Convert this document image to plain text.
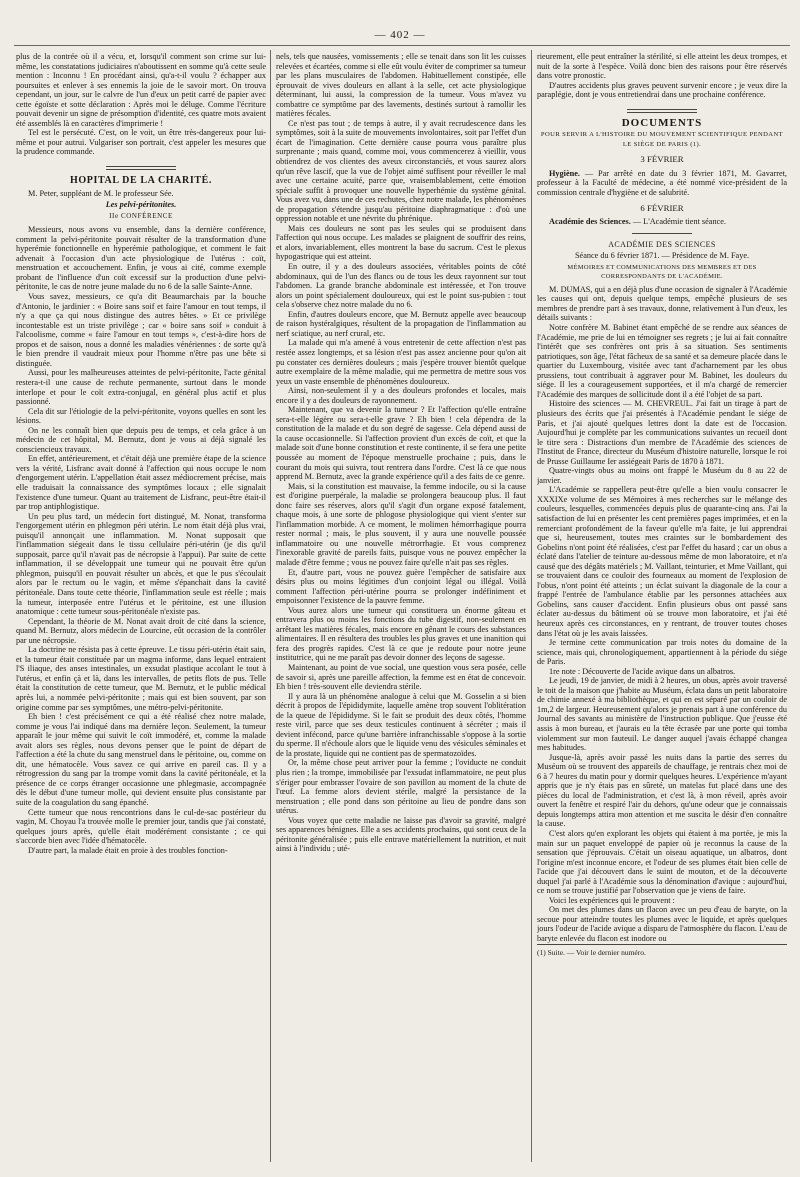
— 402 —

plus de la contrée où il a vécu, et, lorsqu'il comment son crime sur lui-même, les constatations judiciaires n'aboutissent en somme qu'à cette seule mention : Inconnu ! En procédant ainsi, qu'a-t-il voulu ? échapper aux poursuites et enlever à ses ennemis la joie de le savoir mort. On trouva cependant, un jour, sur le calvre de l'un d'eux un petit carré de papier avec cette égoïste et sotte déclaration : Après moi le déluge. Comme l'écriture pouvait devenir un signe de présomption d'identité, ces quatre mots avaient été assemblés là en caractères d'imprimerie !

Tel est le persécuté. C'est, on le voit, un être très-dangereux pour lui-même et pour autrui. Vulgariser son portrait, c'est appeler les mesures que la prudence commande.

HOPITAL DE LA CHARITÉ.

M. Peter, suppléant de M. le professeur Sée.

Les pelvi-péritonites.
IIe CONFÉRENCE

Messieurs, nous avons vu ensemble, dans la dernière conférence, comment la pelvi-péritonite pouvait résulter de la transformation d'une hyperémie fonctionnelle en hyperémie pathologique, et comment le fait advenait à l'occasion d'un acte physiologique de l'utérus : coït, menstruation et accouchement. Enfin, je vous ai cité, comme exemple probant de l'influence d'un coït excessif sur la production d'une pelvi-péritonite, le cas de notre jeune malade du no 6 de la salle Sainte-Anne.

Vous savez, messieurs, ce qu'a dit Beaumarchais par la bouche d'Antonio, le jardinier : « Boire sans soif et faire l'amour en tout temps, il n'y a que ça qui nous distingue des autres bêtes. » Et ce privilège incontestable est un triste privilège ; car « boire sans soif » conduit à l'alcoolisme, comme « faire l'amour en tout temps », c'est-à-dire hors de propos et de saison, nous a donné les maladies vénériennes : de sorte qu'à le bien prendre il vaudrait mieux pour l'homme n'être pas une bête si distinguée.

Aussi, pour les malheureuses atteintes de pelvi-péritonite, l'acte génital restera-t-il une cause de rechute permanente, surtout dans le monde interlope et pour le coït extra-conjugal, en général plus actif et plus passionné.

Cela dit sur l'étiologie de la pelvi-péritonite, voyons quelles en sont les lésions.

On ne les connaît bien que depuis peu de temps, et cela grâce à un médecin de cet hôpital, M. Bernutz, dont je vous ai déjà signalé les consciencieux travaux.

En effet, antérieurement, et c'était déjà une première étape de la science vers la vérité, Lisfranc avait donné à l'affection qui nous occupe le nom d'engorgement utérin. L'appellation était assez médiocrement précise, mais elle traduisait la connaissance des symptômes locaux ; elle signalait l'existence d'une tumeur. Quant au traitement de Lisfranc, peut-être était-il par trop antiphlogistique.

Un peu plus tard, un médecin fort distingué, M. Nonat, transforma l'engorgement utérin en phlegmon péri utérin. Le nom était déjà plus vrai, puisqu'il annonçait une inflammation. M. Nonat supposait que l'inflammation siégeait dans le tissu cellulaire péri-utérin (je dis qu'il supposait, parce qu'il n'avait pas de nécropsie à l'appui). Par suite de cette inflammation, il se développait une tumeur qui ne pouvait être qu'un phlegmon, puisqu'il en pouvait résulter un abcès, et que le pus s'écoulait alors par le rectum ou le vagin, et même s'épanchait dans la cavité péritonéale. Dans toute cette théorie, l'inflammation seule est réelle ; mais la tumeur, interposée entre l'utérus et le péritoine, est une illusion anatomique : cette tumeur sous-péritonéale n'existe pas.

Cependant, la théorie de M. Nonat avait droit de cité dans la science, quand M. Bernutz, alors médecin de Lourcine, eût occasion de la contrôler par une nécropsie.

La doctrine ne résista pas à cette épreuve. Le tissu péri-utérin était sain, et la tumeur était constituée par un magma informe, dans lequel entraient l'S iliaque, des anses intestinales, un exsudat plastique accolant le tout à l'utérus, et enfin çà et là, dans les intervalles, de petits flots de pus. Telle était la constitution de cette tumeur, que M. Bernutz, et le public médical après lui, a nommée pelvi-péritonite ; mais qui est bien souvent, par son origine comme par ses symptômes, une métro-pelvi-péritonite.

Eh bien ! c'est précisément ce qui a été réalisé chez notre malade, comme je vous l'ai indiqué dans ma dernière leçon. Seulement, la tumeur apparaît le jour même qui suivit le coït immodéré, et, comme la malade avait alors ses règles, nous devons penser que le point de départ de l'affection a été la chute du sang menstruel dans le péritoine, ou, comme on dit, une hématocèle. Vous savez ce qui arrive en pareil cas. Il y a rétrogression du sang par la trompe vomit dans la cavité péritonéale, et la présence de ce corps étranger occasionne une phlegmasie, accompagnée dès le début d'une tumeur molle, qui devient ensuite plus consistante par suite de la coagulation du sang épanché.

Cette tumeur que nous rencontrions dans le cul-de-sac postérieur du vagin, M. Choyau l'a trouvée molle le premier jour, tandis que j'ai constaté, quelques jours après, qu'elle était modérément consistante ; ce qui s'accorde bien avec l'idée d'hématocèle.

D'autre part, la malade était en proie à des troubles fonction-

nels, tels que nausées, vomissements ; elle se tenait dans son lit les cuisses relevées et écartées, comme si elle eût voulu éviter de comprimer sa tumeur par les plans musculaires de l'abdomen. Habituellement constipée, elle éprouvait de vives douleurs en allant à la selle, cet acte physiologique déterminant, lui aussi, la compression de la tumeur. Vous m'avez vu combattre ce symptôme par des lavements, destinés surtout à ramollir les matières fécales.

Ce n'est pas tout ; de temps à autre, il y avait recrudescence dans les symptômes, soit à la suite de mouvements involontaires, soit par l'effet d'un écart de l'imagination. Cette dernière cause pourra vous paraître plus surprenante ; mais quand, comme moi, vous commencerez à vieillir, vous obtiendrez de vos clientes des aveux circonstanciés, et vous saurez alors qu'un rêve lascif, que la vue de l'objet aimé suffisent pour réveiller le mal avec une certaine acuité, parce que, vraisemblablement, cette émotion spéciale suffit à provoquer une nouvelle hyperhémie du système génital. Vous avez vu, dans une de ces rechutes, chez notre malade, les phénomènes de propagation s'étendre jusqu'au péritoine diaphragmatique : d'où une oppression notable et une névrite du phrénique.

Mais ces douleurs ne sont pas les seules qui se produisent dans l'affection qui nous occupe. Les malades se plaignent de souffrir des reins, et alors, invariablement, elles montrent la base du sacrum. C'est le plexus hypogastrique qui est atteint.

En outre, il y a des douleurs associées, véritables points de côté abdominaux, qui de l'un des flancs ou de tous les deux rayonnent sur tout l'abdomen. La grande branche abdominale est intéressée, et l'on trouve alors un point spécialement douloureux, qui est le point sus-pubien : tout cela s'observe chez notre malade du no 6.

Enfin, d'autres douleurs encore, que M. Bernutz appelle avec beaucoup de raison hystéralgiques, résultent de la propagation de l'inflammation au nerf sciatique, au nerf crural, etc.

La malade qui m'a amené à vous entretenir de cette affection n'est pas restée assez longtemps, et sa lésion n'est pas assez ancienne pour qu'on ait pu constater ces dernières douleurs ; mais j'espère trouver bientôt quelque autre exemplaire de la même maladie, qui me permettra de mettre sous vos yeux un vaste ensemble de phénomènes douloureux.

Ainsi, non-seulement il y a des douleurs profondes et locales, mais encore il y a des douleurs de rayonnement.

Maintenant, que va devenir la tumeur ? Et l'affection qu'elle entraîne sera-t-elle légère ou sera-t-elle grave ? Eh bien ! cela dépendra de la constitution de la malade et du son degré de sagesse. Cela dépend aussi de la cause occasionnelle. Si l'affection provient d'un excès de coït, et que la malade soit d'une bonne constitution et reste continente, il se fera une petite poussée au moment de l'époque menstruelle prochaine ; puis, dans le courant du mois qui suivra, tout rentrera dans l'ordre. C'est là ce que nous apprend M. Bernutz, avec la grande expérience qu'il a des faits de ce genre.

Mais, si la constitution est mauvaise, la femme indocile, ou si la cause est d'origine puerpérale, la maladie se prolongera beaucoup plus. Il faut donc faire ses réserves, alors qu'il s'agit d'un organe exposé fatalement, chaque mois, à une sorte de phlogose physiologique qui vient s'enter sur l'inflammation morbide. A ce moment, le molimen hémorrhagique pourra rester normal ; mais, le plus souvent, il y aura une nouvelle poussée inflammatoire ou une nouvelle métrorrhagie. Et vous comprenez l'inexorable gravité de pareils faits, puisque vous ne pouvez empêcher la malade d'être femme ; vous ne pouvez faire qu'elle n'ait pas ses règles.

Et, d'autre part, vous ne pouvez guère l'empêcher de satisfaire aux désirs plus ou moins légitimes d'un conjoint légal ou illégal. Voilà comment l'affection péri-utérine pourra se prolonger indéfiniment et empoisonner l'existence de la pauvre femme.

Vous aurez alors une tumeur qui constituera un énorme gâteau et entravera plus ou moins les fonctions du tube digestif, non-seulement en arrêtant les matières fécales, mais encore en gênant le cours des substances alimentaires. Il en résultera des troubles les plus graves et une inanition qui fera des progrès rapides. C'est là ce que je redoute pour notre jeune institutrice, qui ne me paraît pas devoir donner des leçons de sagesse.

Maintenant, au point de vue social, une question vous sera posée, celle de savoir si, après une pareille affection, la femme est en état de concevoir. Eh bien ! très-souvent elle deviendra stérile.

Il y aura là un phénomène analogue à celui que M. Gosselin a si bien décrit à propos de l'épididymite, laquelle amène trop souvent l'oblitération de la queue de l'épididyme. Si le fait se produit des deux côtés, l'homme reste viril, parce que ses deux testicules continuent à sécréter ; mais il devient infécond, parce qu'une barrière infranchissable s'oppose à la sortie du sperme. Il n'échoule alors que le liquide venu des vésicules séminales et de la prostate, liquide qui ne contient pas de spermatozoïdes.

Or, la même chose peut arriver pour la femme ; l'oviducte ne conduit plus rien ; la trompe, immobilisée par l'exsudat inflammatoire, ne peut plus s'ériger pour embrasser l'ovaire de son pavillon au moment de la chute de l'œuf. La femme alors devient stérile, malgré la persistance de la menstruation ; elle pond dans son péritoine au lieu de pondre dans son utérus.

Vous voyez que cette maladie ne laisse pas d'avoir sa gravité, malgré ses apparences bénignes. Elle a ses accidents prochains, qui sont ceux de la péritonite généralisée ; puis elle entrave matériellement la nutrition, et nuit ainsi à l'individu ; uté-

rieurement, elle peut entraîner la stérilité, si elle atteint les deux trompes, et nuit de la sorte à l'espèce. Voilà donc bien des raisons pour être réservés dans votre pronostic.

D'autres accidents plus graves peuvent survenir encore ; je veux dire la paraplégie, dont je vous entretiendrai dans une prochaine conférence.

DOCUMENTS
POUR SERVIR A L'HISTOIRE DU MOUVEMENT SCIENTIFIQUE PENDANT LE SIÈGE DE PARIS (1).
3 FÉVRIER

Hygiène. — Par arrêté en date du 3 février 1871, M. Gavarret, professeur à la Faculté de médecine, a été nommé vice-président de la commission centrale d'hygiène et de salubrité.

6 FÉVRIER

Académie des Sciences. — L'Académie tient séance.

ACADÉMIE DES SCIENCES
Séance du 6 février 1871. — Présidence de M. Faye.
MÉMOIRES ET COMMUNICATIONS DES MEMBRES ET DES CORRESPONDANTS DE L'ACADÉMIE.

M. DUMAS, qui a en déjà plus d'une occasion de signaler à l'Académie les causes qui ont, depuis quelque temps, empêché plusieurs de ses membres de prendre part à ses travaux, donne, relativement à l'un d'eux, les détails suivants :

Notre confrère M. Babinet étant empêché de se rendre aux séances de l'Académie, me prie de lui en témoigner ses regrets ; je lui ai fait connaître l'intérêt que ses confrères ont pris à sa situation. Ses sentiments patriotiques, son âge, l'état fâcheux de sa santé et sa demeure placée dans le quartier du Luxembourg, visitée avec tant d'acharnement par les obus prussiens, tout contribuait à aggraver pour M. Babinet, les douleurs du siége. Il les a courageusement supportées, et il m'a chargé de remercier l'Académie des marques de sollicitude dont il a été l'objet de sa part.

Histoire des sciences — M. CHEVREUL. J'ai fait un tirage à part de plusieurs des écrits que j'ai présentés à l'Académie pendant le siége de Paris, et j'ai ajouté quelques lettres dont la date est de l'occasion. Aujourd'hui je complète par les communications suivantes un recueil dont le titre sera : Distractions d'un membre de l'Académie des sciences de l'Institut de France, directeur du Muséum d'histoire naturelle, lorsque le roi de Prusse Guillaume Ier assiégeait Paris de 1870 à 1871.

Quatre-vingts obus au moins ont frappé le Muséum du 8 au 22 de janvier.

L'Académie se rappellera peut-être qu'elle a bien voulu consacrer le XXXIXe volume de ses Mémoires à mes recherches sur le mélange des couleurs, lesquelles, commencées depuis plus de quarante-cinq ans. J'ai la satisfaction de lui en présenter les cent premières pages imprimées, et en la remerciant profondément de la faveur qu'elle m'a faite, je lui apprendrai que si, heureusement, toutes mes craintes sur le bombardement des Gobelins n'ont point été réalisées, c'est par l'effet du hasard ; car un obus a éclaté dans l'atelier de teinture au-dessous même de mon laboratoire, et n'a causé que des dégâts matériels ; M. Vaillant, teinturier, et Mme Vaillant, qui se trouvaient dans ce couloir des fourneaux au moment de l'explosion de l'obus, n'ont point été atteints ; un éclat suivant la diagonale de la cour a frappé l'entrée de l'ambulance établie par les personnes attachées aux Gobelins, sans causer d'accident. Enfin plusieurs obus ont passé sans éclater au-dessus du bâtiment où se trouve mon laboratoire, et j'ai été heureux après ces circonstances, en y rentrant, de trouver toutes choses dans l'état où je les avais laissées.

Je termine cette communication par trois notes du domaine de la science, mais qui, chronologiquement, appartiennent à la période du siége de Paris.

1re note : Découverte de l'acide avique dans un albatros.

Le jeudi, 19 de janvier, de midi à 2 heures, un obus, après avoir traversé le toit de la maison que j'habite au Muséum, éclata dans un petit laboratoire de chimie annexé à ma bibliothèque, et qui en est séparé par un couloir de 1m,2 de largeur. Heureusement qu'alors je prenais part à une conférence du Journal des savants au ministère de l'instruction publique. Que j'eusse été assis à mon bureau, et j'aurais eu la tête écrasée par une porte qui tomba violemment sur mon fauteuil. Le danger auquel j'avais échappé changea mes habitudes.

Jusque-là, après avoir passé les nuits dans la partie des serres du Muséum où se trouvent des appareils de chauffage, je rentrais chez moi de 6 à 7 heures du matin pour y dormir quelques heures. L'expérience m'ayant appris que je n'y étais pas en sûreté, un matelas fut placé dans une des pièces du local de l'administration, et c'est là, à mon réveil, après avoir ouvert la fenêtre et respiré l'air du dehors, qu'une odeur que je connaissais depuis longtemps attira mon attention et me suscita le désir d'en connaître la cause.

C'est alors qu'en explorant les objets qui étaient à ma portée, je mis la main sur un paquet enveloppé de papier où je reconnus la cause de la sensation que j'éprouvais. C'était un oiseau aquatique, un albatros, dont l'origine m'est inconnue encore, et l'odeur de ses plumes était bien celle de l'acide que j'ai découvert dans le suint de mouton, et de la découverte duquel j'ai parlé à l'Académie sous la dénomination d'avique : aujourd'hui, ce nom se trouve justifié par l'observation que je viens de faire.

Voici les expériences qui le prouvent :

On met des plumes dans un flacon avec un peu d'eau de baryte, on la secoue pour atteindre toutes les plumes avec le liquide, et après quelques jours l'odeur de l'acide avique a disparu de l'atmosphère du flacon. L'eau de baryte enlevée du flacon est inodore ou

(1) Suite. — Voir le dernier numéro.
